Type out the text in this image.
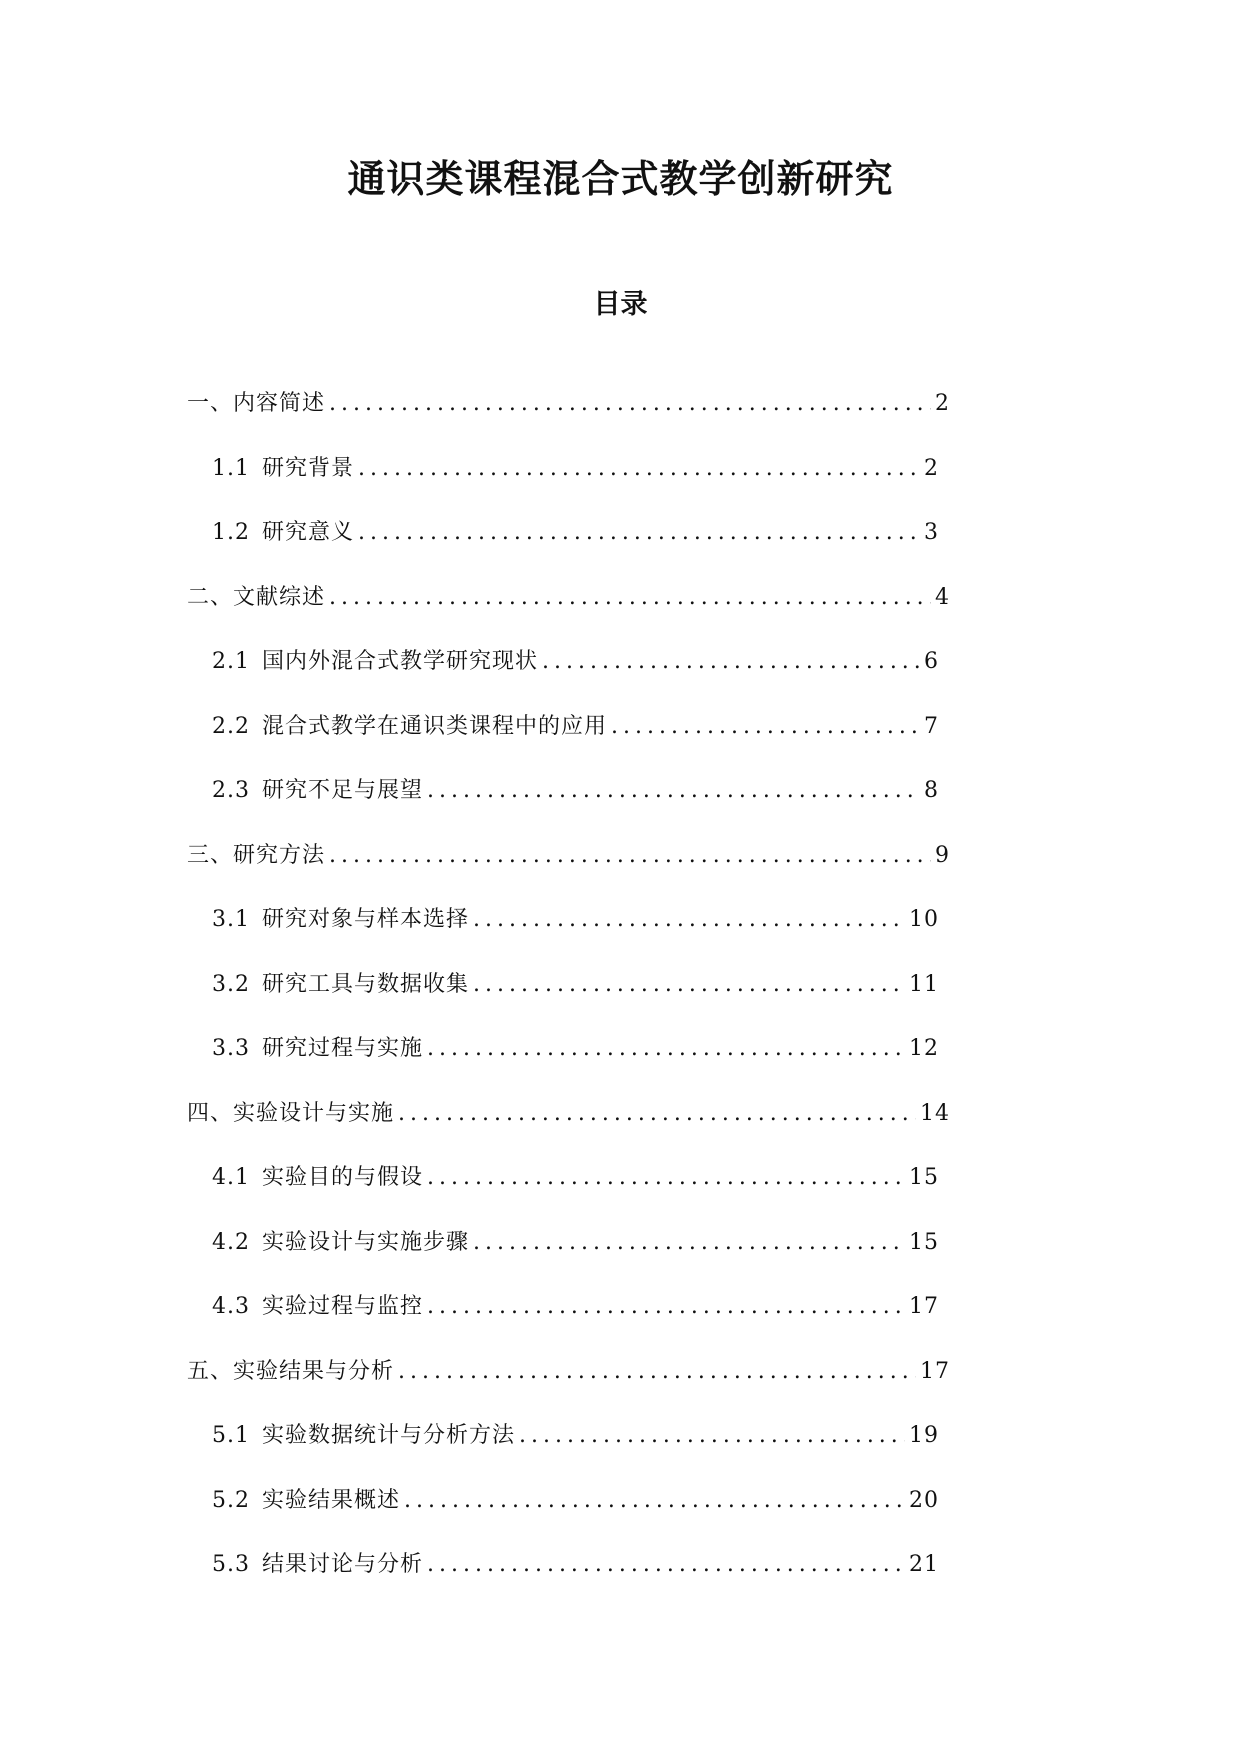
通识类课程混合式教学创新研究
目录
一、内容简述 .....	2
1.1 研究背景 .....	2
1.2 研究意义 .....	3
二、文献综述 .....	4
2.1 国内外混合式教学研究现状 .....	6
2.2 混合式教学在通识类课程中的应用 .....	7
2.3 研究不足与展望 .....	8
三、研究方法 .....	9
3.1 研究对象与样本选择 .....	10
3.2 研究工具与数据收集 .....	11
3.3 研究过程与实施 .....	12
四、实验设计与实施 .....	14
4.1 实验目的与假设 .....	15
4.2 实验设计与实施步骤 .....	15
4.3 实验过程与监控 .....	17
五、实验结果与分析 .....	17
5.1 实验数据统计与分析方法 .....	19
5.2 实验结果概述 .....	20
5.3 结果讨论与分析 .....	21
